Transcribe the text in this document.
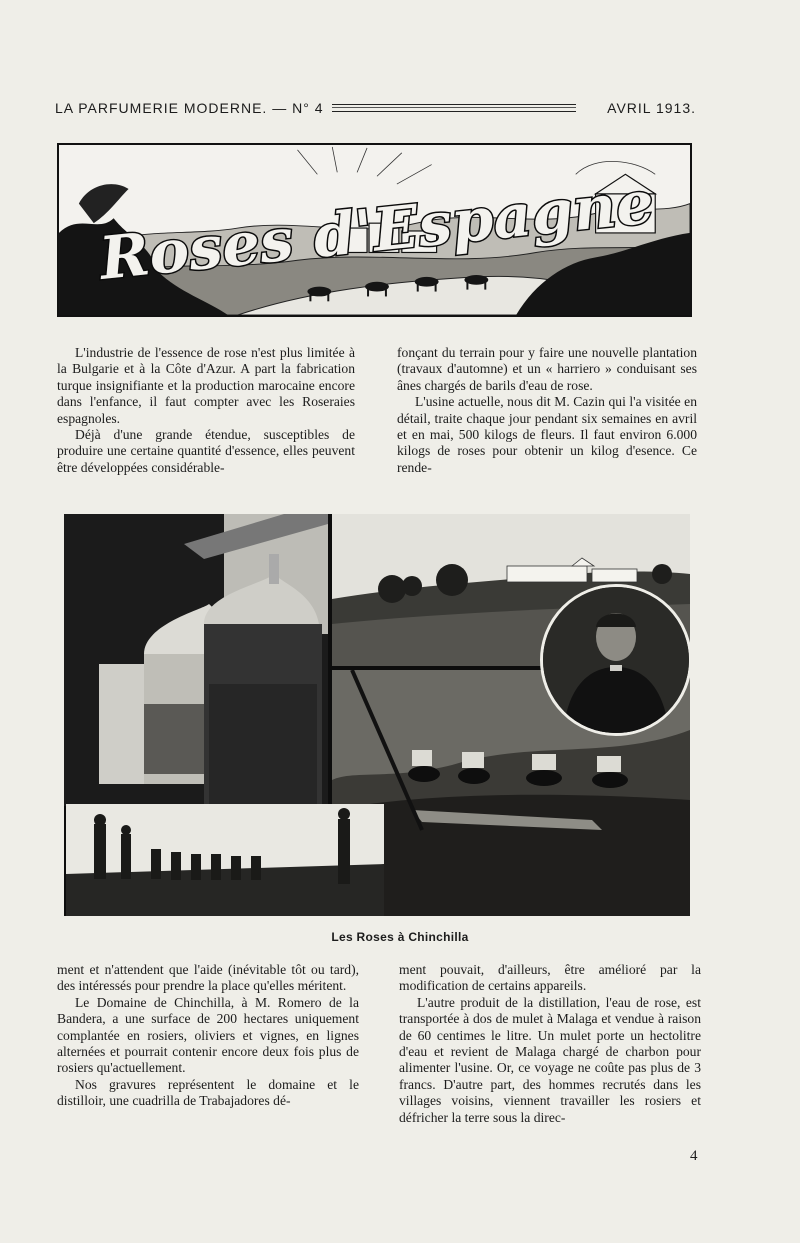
LA PARFUMERIE MODERNE. — N° 4	AVRIL 1913.
Roses d'Espagne

L'industrie de l'essence de rose n'est plus limitée à la Bulgarie et à la Côte d'Azur. A part la fabrication turque insignifiante et la production marocaine encore dans l'enfance, il faut compter avec les Roseraies espagnoles.

Déjà d'une grande étendue, susceptibles de produire une certaine quantité d'essence, elles peuvent être développées considérable-

fonçant du terrain pour y faire une nouvelle plantation (travaux d'automne) et un « harriero » conduisant ses ânes chargés de barils d'eau de rose.

L'usine actuelle, nous dit M. Cazin qui l'a visitée en détail, traite chaque jour pendant six semaines en avril et en mai, 500 kilogs de fleurs. Il faut environ 6.000 kilogs de roses pour obtenir un kilog d'esence. Ce rende-

Les Roses à Chinchilla

ment et n'attendent que l'aide (inévitable tôt ou tard), des intéressés pour prendre la place qu'elles méritent.

Le Domaine de Chinchilla, à M. Romero de la Bandera, a une surface de 200 hectares uniquement complantée en rosiers, oliviers et vignes, en lignes alternées et pourrait contenir encore deux fois plus de rosiers qu'actuellement.

Nos gravures représentent le domaine et le distilloir, une cuadrilla de Trabajadores dé-

ment pouvait, d'ailleurs, être amélioré par la modification de certains appareils.

L'autre produit de la distillation, l'eau de rose, est transportée à dos de mulet à Malaga et vendue à raison de 60 centimes le litre. Un mulet porte un hectolitre d'eau et revient de Malaga chargé de charbon pour alimenter l'usine. Or, ce voyage ne coûte pas plus de 3 francs. D'autre part, des hommes recrutés dans les villages voisins, viennent travailler les rosiers et défricher la terre sous la direc-

4
